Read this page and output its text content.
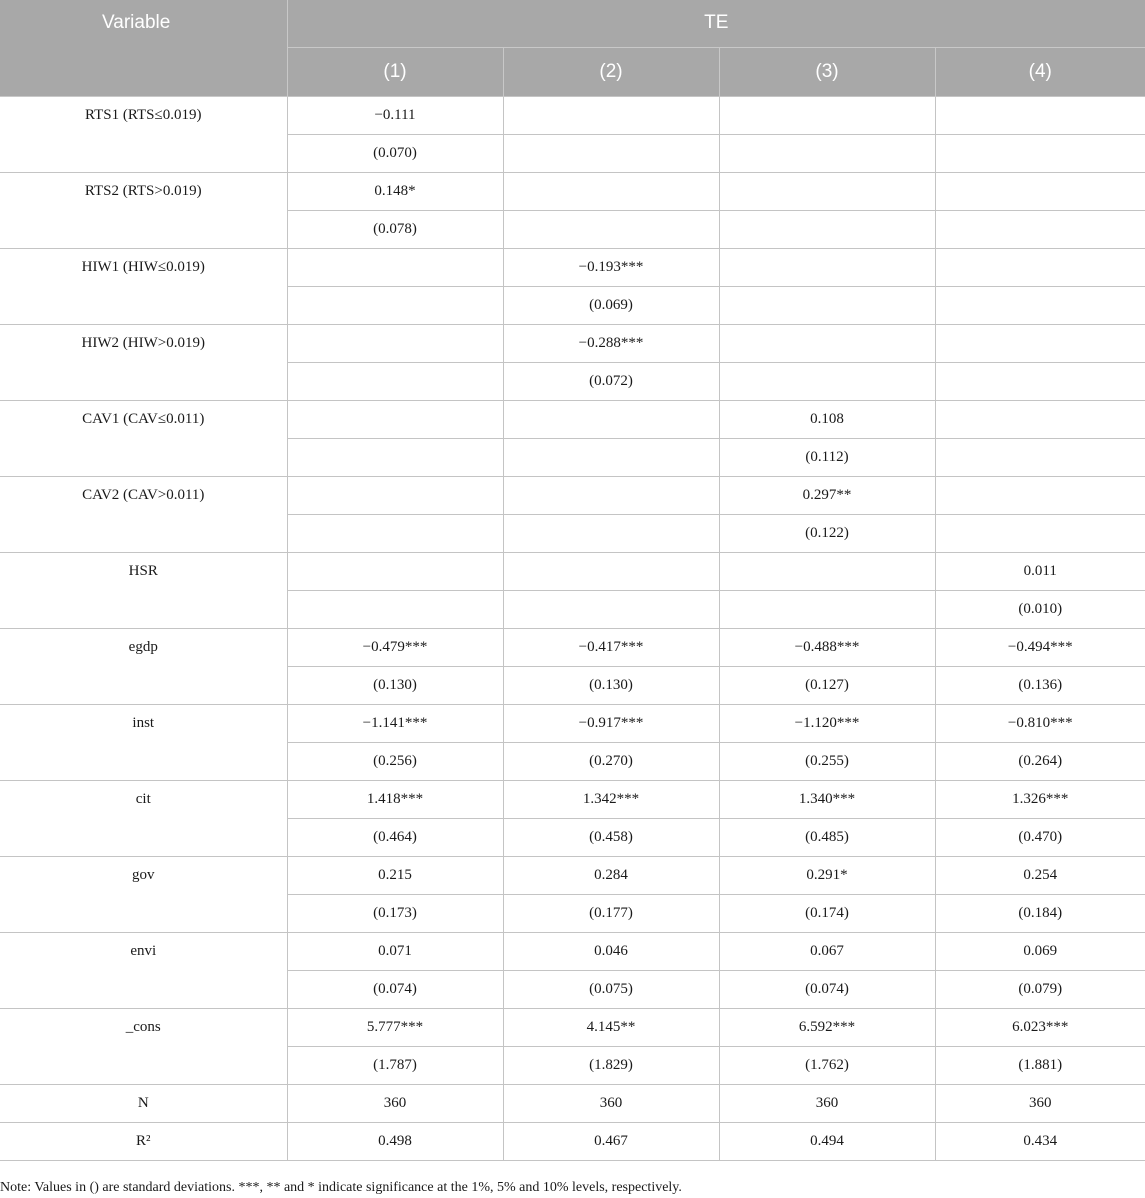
Variable	TE			
	(1)	(2)	(3)	(4)
RTS1 (RTS≤0.019)	−0.111			
	(0.070)			
RTS2 (RTS>0.019)	0.148*			
	(0.078)			
HIW1 (HIW≤0.019)		−0.193***		
		(0.069)		
HIW2 (HIW>0.019)		−0.288***		
		(0.072)		
CAV1 (CAV≤0.011)			0.108	
			(0.112)	
CAV2 (CAV>0.011)			0.297**	
			(0.122)	
HSR				0.011
				(0.010)
egdp	−0.479***	−0.417***	−0.488***	−0.494***
	(0.130)	(0.130)	(0.127)	(0.136)
inst	−1.141***	−0.917***	−1.120***	−0.810***
	(0.256)	(0.270)	(0.255)	(0.264)
cit	1.418***	1.342***	1.340***	1.326***
	(0.464)	(0.458)	(0.485)	(0.470)
gov	0.215	0.284	0.291*	0.254
	(0.173)	(0.177)	(0.174)	(0.184)
envi	0.071	0.046	0.067	0.069
	(0.074)	(0.075)	(0.074)	(0.079)
_cons	5.777***	4.145**	6.592***	6.023***
	(1.787)	(1.829)	(1.762)	(1.881)
N	360	360	360	360
R²	0.498	0.467	0.494	0.434
Note: Values in () are standard deviations. ***, ** and * indicate significance at the 1%, 5% and 10% levels, respectively.
